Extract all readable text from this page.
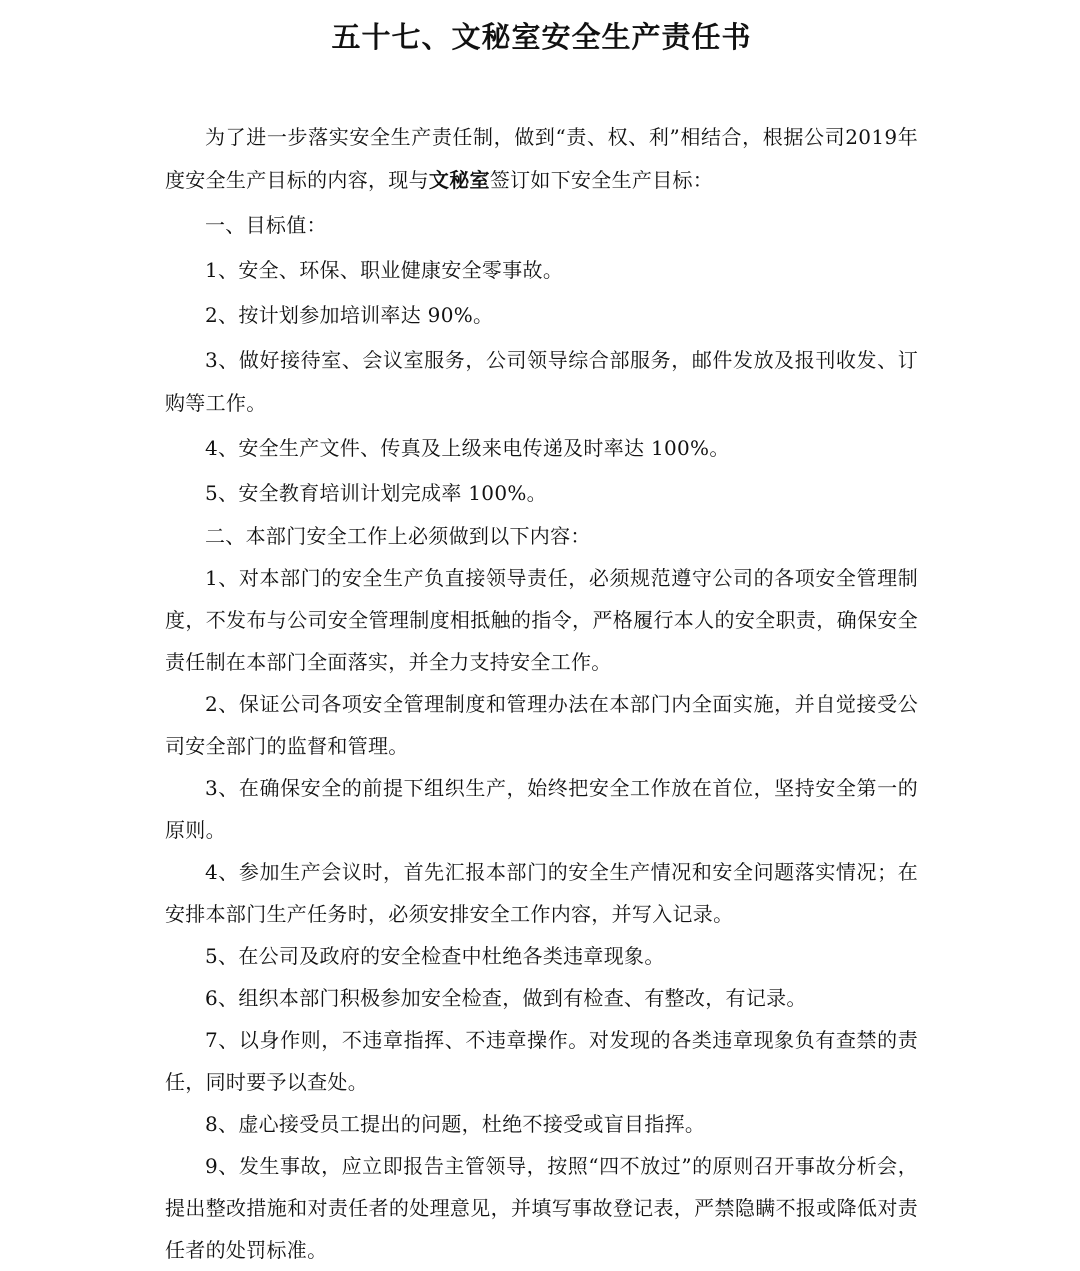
五十七、文秘室安全生产责任书

为了进一步落实安全生产责任制，做到“责、权、利”相结合，根据公司2019年度安全生产目标的内容，现与文秘室签订如下安全生产目标：

一、目标值：

1、安全、环保、职业健康安全零事故。

2、按计划参加培训率达 90%。

3、做好接待室、会议室服务，公司领导综合部服务，邮件发放及报刊收发、订购等工作。

4、安全生产文件、传真及上级来电传递及时率达 100%。

5、安全教育培训计划完成率 100%。

二、本部门安全工作上必须做到以下内容：

1、对本部门的安全生产负直接领导责任，必须规范遵守公司的各项安全管理制度，不发布与公司安全管理制度相抵触的指令，严格履行本人的安全职责，确保安全责任制在本部门全面落实，并全力支持安全工作。

2、保证公司各项安全管理制度和管理办法在本部门内全面实施，并自觉接受公司安全部门的监督和管理。

3、在确保安全的前提下组织生产，始终把安全工作放在首位，坚持安全第一的原则。

4、参加生产会议时，首先汇报本部门的安全生产情况和安全问题落实情况；在安排本部门生产任务时，必须安排安全工作内容，并写入记录。

5、在公司及政府的安全检查中杜绝各类违章现象。

6、组织本部门积极参加安全检查，做到有检查、有整改，有记录。

7、以身作则，不违章指挥、不违章操作。对发现的各类违章现象负有查禁的责任，同时要予以查处。

8、虚心接受员工提出的问题，杜绝不接受或盲目指挥。

9、发生事故，应立即报告主管领导，按照“四不放过”的原则召开事故分析会，提出整改措施和对责任者的处理意见，并填写事故登记表，严禁隐瞒不报或降低对责任者的处罚标准。
